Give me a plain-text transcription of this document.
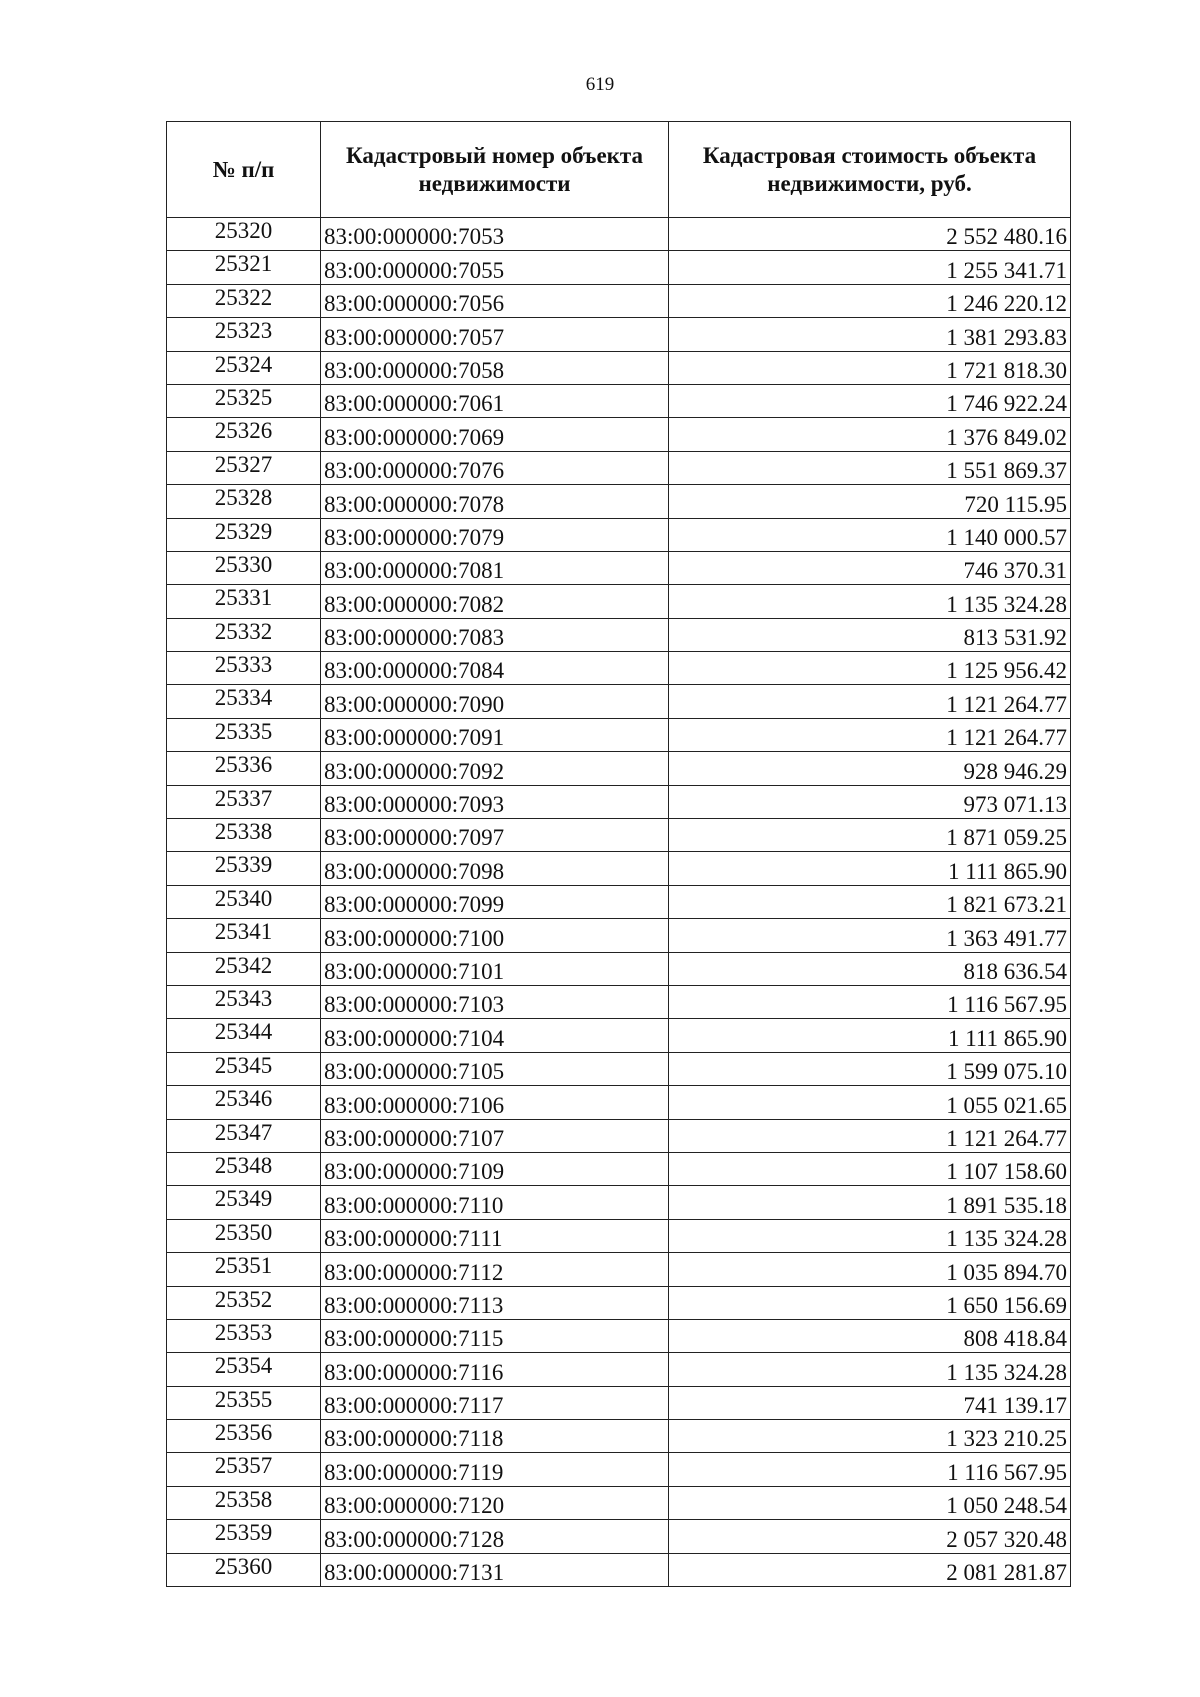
619
№ п/п	Кадастровый номер объекта недвижимости	Кадастровая стоимость объекта недвижимости, руб.
25320	83:00:000000:7053	2 552 480.16
25321	83:00:000000:7055	1 255 341.71
25322	83:00:000000:7056	1 246 220.12
25323	83:00:000000:7057	1 381 293.83
25324	83:00:000000:7058	1 721 818.30
25325	83:00:000000:7061	1 746 922.24
25326	83:00:000000:7069	1 376 849.02
25327	83:00:000000:7076	1 551 869.37
25328	83:00:000000:7078	720 115.95
25329	83:00:000000:7079	1 140 000.57
25330	83:00:000000:7081	746 370.31
25331	83:00:000000:7082	1 135 324.28
25332	83:00:000000:7083	813 531.92
25333	83:00:000000:7084	1 125 956.42
25334	83:00:000000:7090	1 121 264.77
25335	83:00:000000:7091	1 121 264.77
25336	83:00:000000:7092	928 946.29
25337	83:00:000000:7093	973 071.13
25338	83:00:000000:7097	1 871 059.25
25339	83:00:000000:7098	1 111 865.90
25340	83:00:000000:7099	1 821 673.21
25341	83:00:000000:7100	1 363 491.77
25342	83:00:000000:7101	818 636.54
25343	83:00:000000:7103	1 116 567.95
25344	83:00:000000:7104	1 111 865.90
25345	83:00:000000:7105	1 599 075.10
25346	83:00:000000:7106	1 055 021.65
25347	83:00:000000:7107	1 121 264.77
25348	83:00:000000:7109	1 107 158.60
25349	83:00:000000:7110	1 891 535.18
25350	83:00:000000:7111	1 135 324.28
25351	83:00:000000:7112	1 035 894.70
25352	83:00:000000:7113	1 650 156.69
25353	83:00:000000:7115	808 418.84
25354	83:00:000000:7116	1 135 324.28
25355	83:00:000000:7117	741 139.17
25356	83:00:000000:7118	1 323 210.25
25357	83:00:000000:7119	1 116 567.95
25358	83:00:000000:7120	1 050 248.54
25359	83:00:000000:7128	2 057 320.48
25360	83:00:000000:7131	2 081 281.87
